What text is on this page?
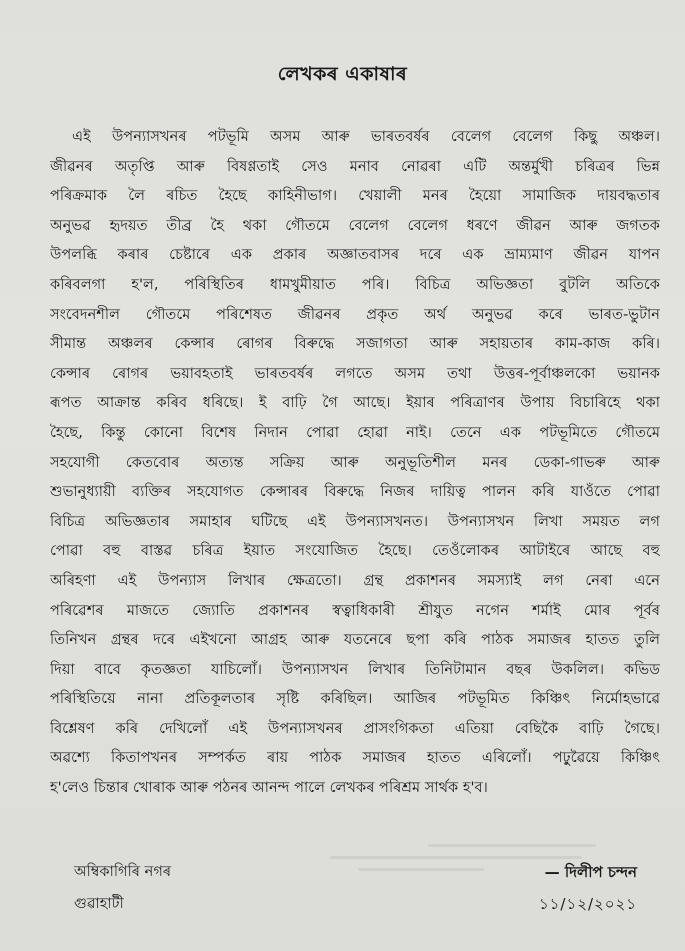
লেখকৰ একাষাৰ
এই উপন্যাসখনৰ পটভূমি অসম আৰু ভাৰতবৰ্ষৰ বেলেগ বেলেগ কিছু অঞ্চল।
জীৱনৰ অতৃপ্তি আৰু বিষণ্ণতাই সেও মনাব নোৱৰা এটি অন্তৰ্মুখী চৰিত্ৰৰ ভিন্ন
পৰিক্ৰমাক লৈ ৰচিত হৈছে কাহিনীভাগ। খেয়ালী মনৰ হৈয়ো সামাজিক দায়বদ্ধতাৰ
অনুভৱ হৃদয়ত তীব্ৰ হৈ থকা গৌতমে বেলেগ বেলেগ ধৰণে জীৱন আৰু জগতক
উপলব্ধি কৰাৰ চেষ্টাৰে এক প্ৰকাৰ অজ্ঞাতবাসৰ দৰে এক ভ্ৰাম্যমাণ জীৱন যাপন
কৰিবলগা হ'ল, পৰিস্থিতিৰ ধামখুমীয়াত পৰি। বিচিত্ৰ অভিজ্ঞতা বুটলি অতিকে
সংবেদনশীল গৌতমে পৰিশেষত জীৱনৰ প্ৰকৃত অৰ্থ অনুভৱ কৰে ভাৰত-ভুটান
সীমান্ত অঞ্চলৰ কেন্সাৰ ৰোগৰ বিৰুদ্ধে সজাগতা আৰু সহায়তাৰ কাম-কাজ কৰি।
কেন্সাৰ ৰোগৰ ভয়াবহতাই ভাৰতবৰ্ষৰ লগতে অসম তথা উত্তৰ-পূৰ্বাঞ্চলকো ভয়ানক
ৰূপত আক্ৰান্ত কৰিব ধৰিছে। ই বাঢ়ি গৈ আছে। ইয়াৰ পৰিত্ৰাণৰ উপায় বিচাৰিহে থকা
হৈছে, কিন্তু কোনো বিশেষ নিদান পোৱা হোৱা নাই। তেনে এক পটভূমিতে গৌতমে
সহযোগী কেতবোৰ অত্যন্ত সক্ৰিয় আৰু অনুভূতিশীল মনৰ ডেকা-গাভৰু আৰু
শুভানুধ্যায়ী ব্যক্তিৰ সহযোগত কেন্সাৰৰ বিৰুদ্ধে নিজৰ দায়িত্ব পালন কৰি যাওঁতে পোৱা
বিচিত্ৰ অভিজ্ঞতাৰ সমাহাৰ ঘটিছে এই উপন্যাসখনত। উপন্যাসখন লিখা সময়ত লগ
পোৱা বহু বাস্তৱ চৰিত্ৰ ইয়াত সংযোজিত হৈছে। তেওঁলোকৰ আটাইৰে আছে বহু
অৰিহণা এই উপন্যাস লিখাৰ ক্ষেত্ৰতো। গ্ৰন্থ প্ৰকাশনৰ সমস্যাই লগ নেৰা এনে
পৰিৱেশৰ মাজতে জ্যোতি প্ৰকাশনৰ স্বত্বাধিকাৰী শ্ৰীযুত নগেন শৰ্মাই মোৰ পূৰ্বৰ
তিনিখন গ্ৰন্থৰ দৰে এইখনো আগ্ৰহ আৰু যতনেৰে ছপা কৰি পাঠক সমাজৰ হাতত তুলি
দিয়া বাবে কৃতজ্ঞতা যাচিলোঁ। উপন্যাসখন লিখাৰ তিনিটামান বছৰ উকলিল। কভিড
পৰিস্থিতিয়ে নানা প্ৰতিকূলতাৰ সৃষ্টি কৰিছিল। আজিৰ পটভূমিত কিঞ্চিৎ নিৰ্মোহভাৱে
বিশ্লেষণ কৰি দেখিলোঁ এই উপন্যাসখনৰ প্ৰাসংগিকতা এতিয়া বেছিকৈ বাঢ়ি গৈছে।
অৱশ্যে কিতাপখনৰ সম্পৰ্কত ৰায় পাঠক সমাজৰ হাতত এৰিলোঁ। পঢ়ুৱৈয়ে কিঞ্চিৎ
হ'লেও চিন্তাৰ খোৰাক আৰু পঠনৰ আনন্দ পালে লেখকৰ পৰিশ্ৰম সাৰ্থক হ'ব।
অম্বিকাগিৰি নগৰ
গুৱাহাটী
— দিলীপ চন্দন
১১/১২/২০২১
